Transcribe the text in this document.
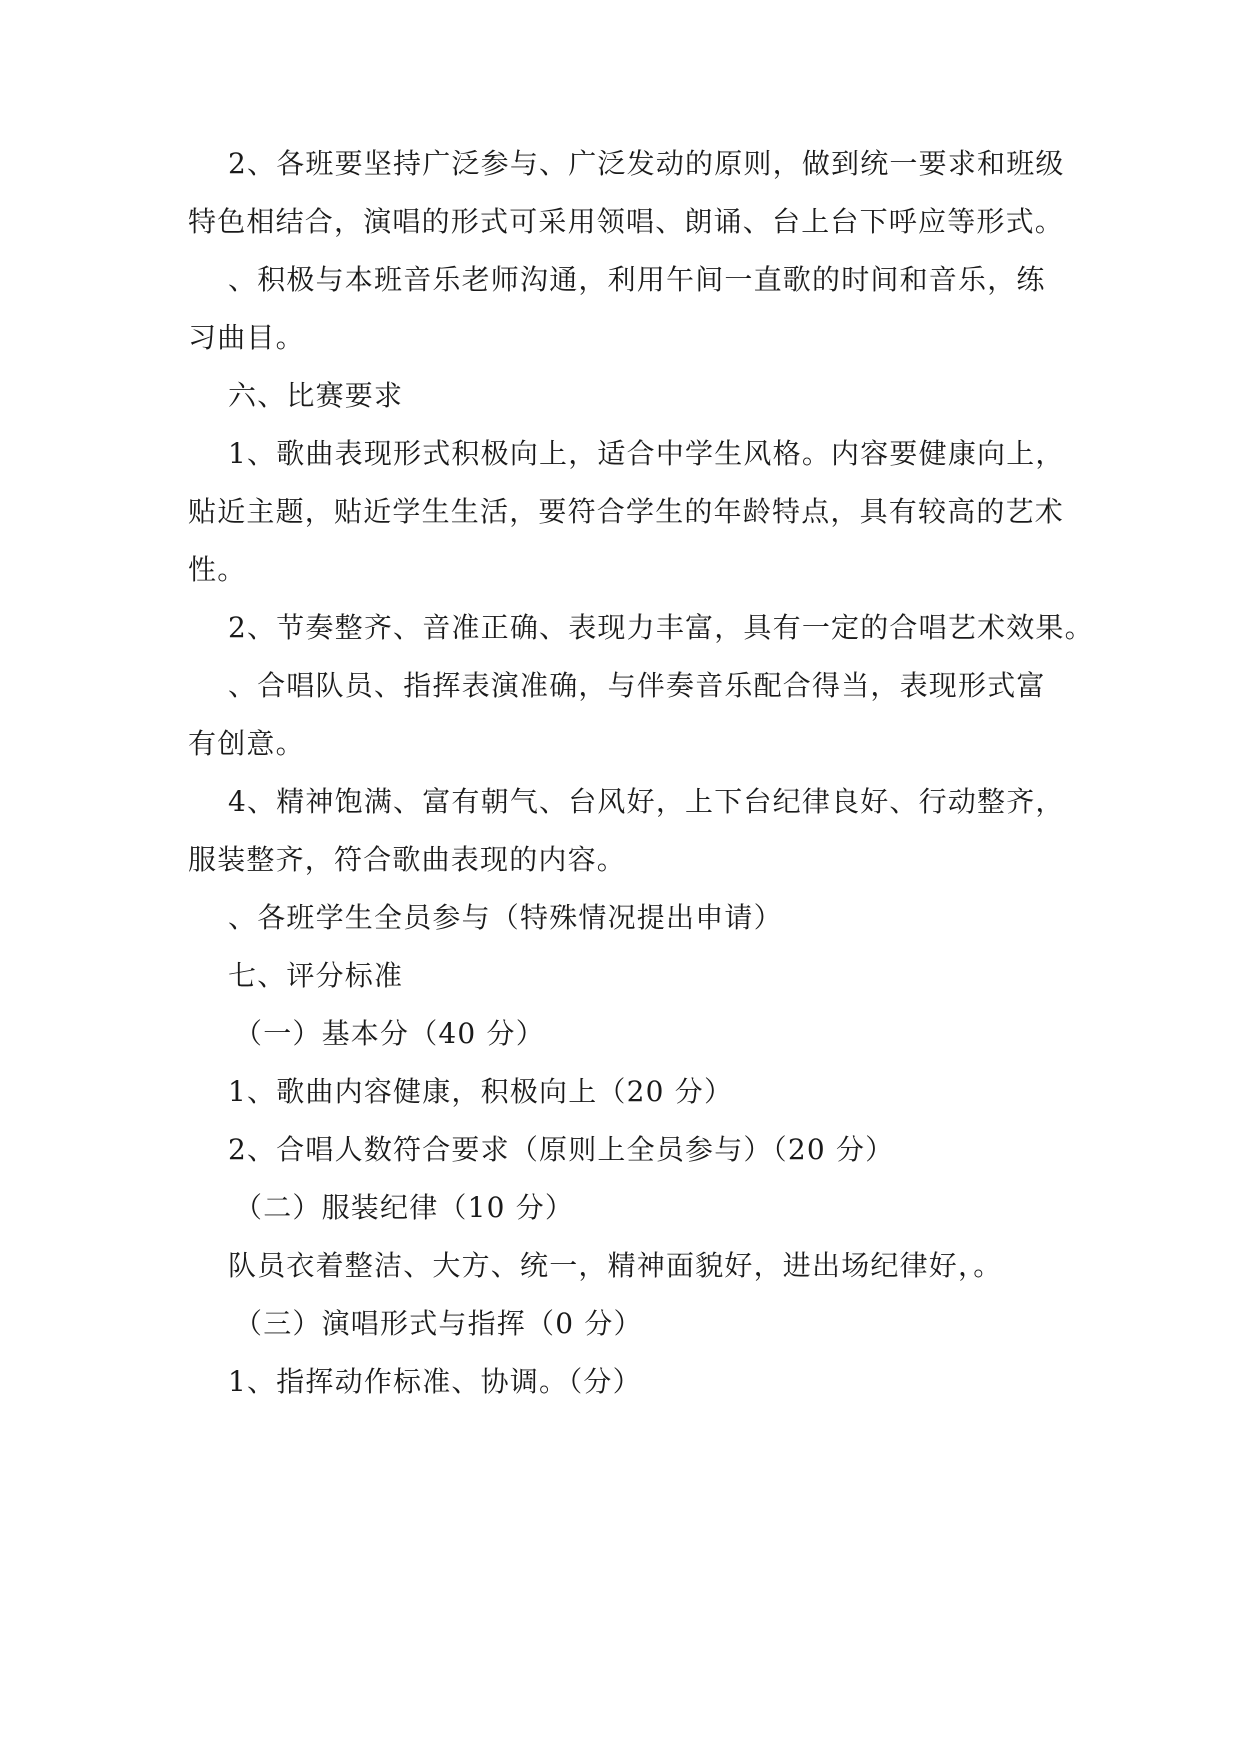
2、各班要坚持广泛参与、广泛发动的原则，做到统一要求和班级

特色相结合，演唱的形式可采用领唱、朗诵、台上台下呼应等形式。

、积极与本班音乐老师沟通，利用午间一直歌的时间和音乐，练

习曲目。

六、比赛要求

1、歌曲表现形式积极向上，适合中学生风格。内容要健康向上，

贴近主题，贴近学生生活，要符合学生的年龄特点，具有较高的艺术

性。

2、节奏整齐、音准正确、表现力丰富，具有一定的合唱艺术效果。

、合唱队员、指挥表演准确，与伴奏音乐配合得当，表现形式富

有创意。

4、精神饱满、富有朝气、台风好，上下台纪律良好、行动整齐，

服装整齐，符合歌曲表现的内容。

、各班学生全员参与（特殊情况提出申请）

七、评分标准

（一）基本分（40 分）

1、歌曲内容健康，积极向上（20 分）

2、合唱人数符合要求（原则上全员参与）（20 分）

（二）服装纪律（10 分）

队员衣着整洁、大方、统一，精神面貌好，进出场纪律好，。

（三）演唱形式与指挥（0 分）

1、指挥动作标准、协调。（分）
